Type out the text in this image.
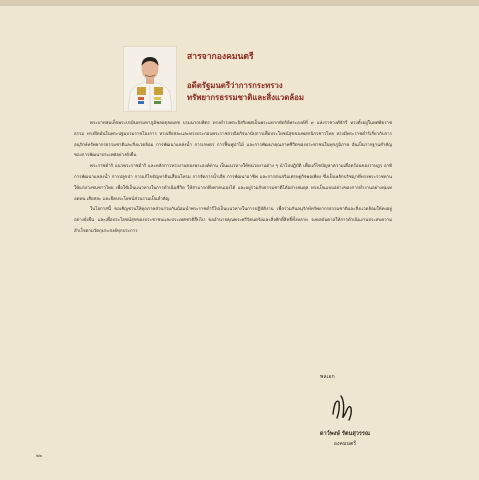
สารจากองคมนตรี
อดีตรัฐมนตรีว่าการกระทรวงทรัพยากรธรรมชาติและสิ่งแวดล้อม

พระบาทสมเด็จพระปรมินทรมหาภูมิพลอดุลยเดช บรมนาถบพิตร ทรงดำรงพระอิสริยยศเป็นพระมหากษัตริย์พระองค์ที่ ๙ แห่งราชวงศ์จักรี ทรงตั้งอยู่ในทศพิธราชธรรม ทรงยึดมั่นในพระปฐมบรมราชโองการ ทรงเสียสละและทรงประกอบพระราชกรณียกิจนานัปการเพื่อประโยชน์สุขของพสกนิกรชาวไทย ทรงมีพระราชดำริเกี่ยวกับการอนุรักษ์ทรัพยากรธรรมชาติและสิ่งแวดล้อม การพัฒนาแหล่งน้ำ การเกษตร การฟื้นฟูป่าไม้ และการพัฒนาคุณภาพชีวิตของประชาชนในทุกภูมิภาค อันเป็นรากฐานสำคัญของการพัฒนาประเทศอย่างยั่งยืน

พระราชดำริ แนวพระราชดำริ และหลักการทรงงานของพระองค์ท่าน เป็นแนวทางให้หน่วยงานต่าง ๆ นำไปปฏิบัติ เพื่อแก้ไขปัญหาความเดือดร้อนของราษฎร อาทิ การพัฒนาแหล่งน้ำ การปลูกป่า การแก้ไขปัญหาดินเสื่อมโทรม การจัดการน้ำเสีย การพัฒนาอาชีพ และการส่งเสริมเศรษฐกิจพอเพียง ซึ่งเป็นหลักปรัชญาที่ทรงพระราชทานให้แก่ปวงชนชาวไทย เพื่อใช้เป็นแนวทางในการดำเนินชีวิต ให้สามารถพึ่งพาตนเองได้ และอยู่ร่วมกับธรรมชาติได้อย่างสมดุล ทรงเป็นแบบอย่างของการทำงานอย่างทุ่มเท อดทน เสียสละ และยึดประโยชน์ส่วนรวมเป็นสำคัญ

ในโอกาสนี้ ขอเชิญชวนให้ทุกภาคส่วนร่วมกันน้อมนำพระราชดำริไปเป็นแนวทางในการปฏิบัติงาน เพื่อร่วมกันอนุรักษ์ทรัพยากรธรรมชาติและสิ่งแวดล้อมให้คงอยู่อย่างยั่งยืน และเพื่อประโยชน์สุขของประชาชนและประเทศชาติสืบไป ขออำนาจคุณพระศรีรัตนตรัยและสิ่งศักดิ์สิทธิ์ทั้งหลาย จงดลบันดาลให้การดำเนินงานประสบความสำเร็จตามวัตถุประสงค์ทุกประการ

พลเอก

ดาว์พงษ์ รัตนสุวรรณ

องคมนตรี

๒๒
